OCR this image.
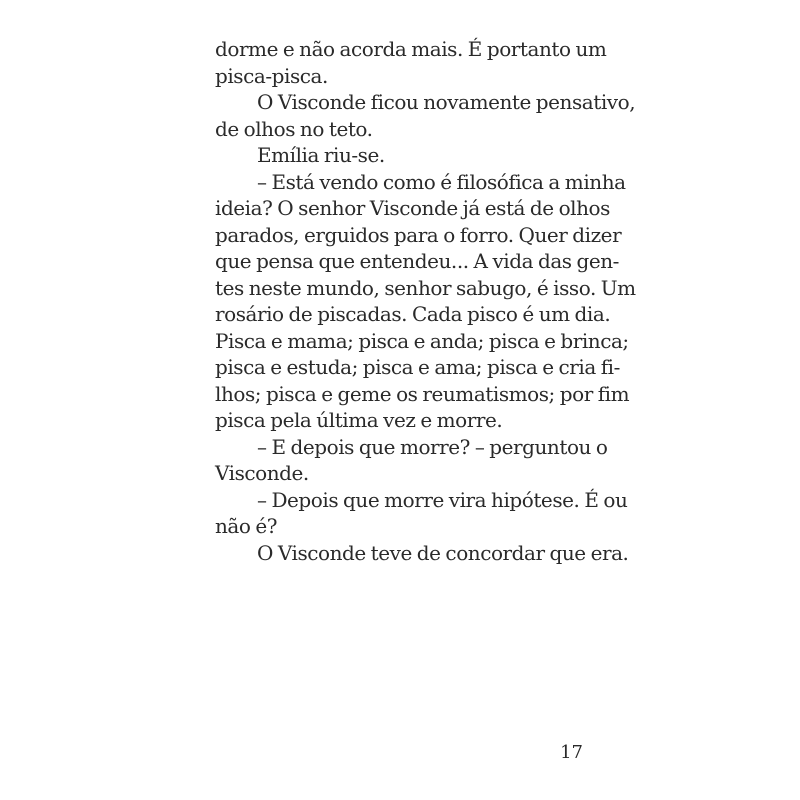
dorme e não acorda mais. É portanto um
pisca-pisca.
O Visconde ficou novamente pensativo,
de olhos no teto.
Emília riu-se.
– Está vendo como é filosófica a minha
ideia? O senhor Visconde já está de olhos
parados, erguidos para o forro. Quer dizer
que pensa que entendeu... A vida das gen-
tes neste mundo, senhor sabugo, é isso. Um
rosário de piscadas. Cada pisco é um dia.
Pisca e mama; pisca e anda; pisca e brinca;
pisca e estuda; pisca e ama; pisca e cria fi-
lhos; pisca e geme os reumatismos; por fim
pisca pela última vez e morre.
– E depois que morre? – perguntou o
Visconde.
– Depois que morre vira hipótese. É ou
não é?
O Visconde teve de concordar que era.
17
